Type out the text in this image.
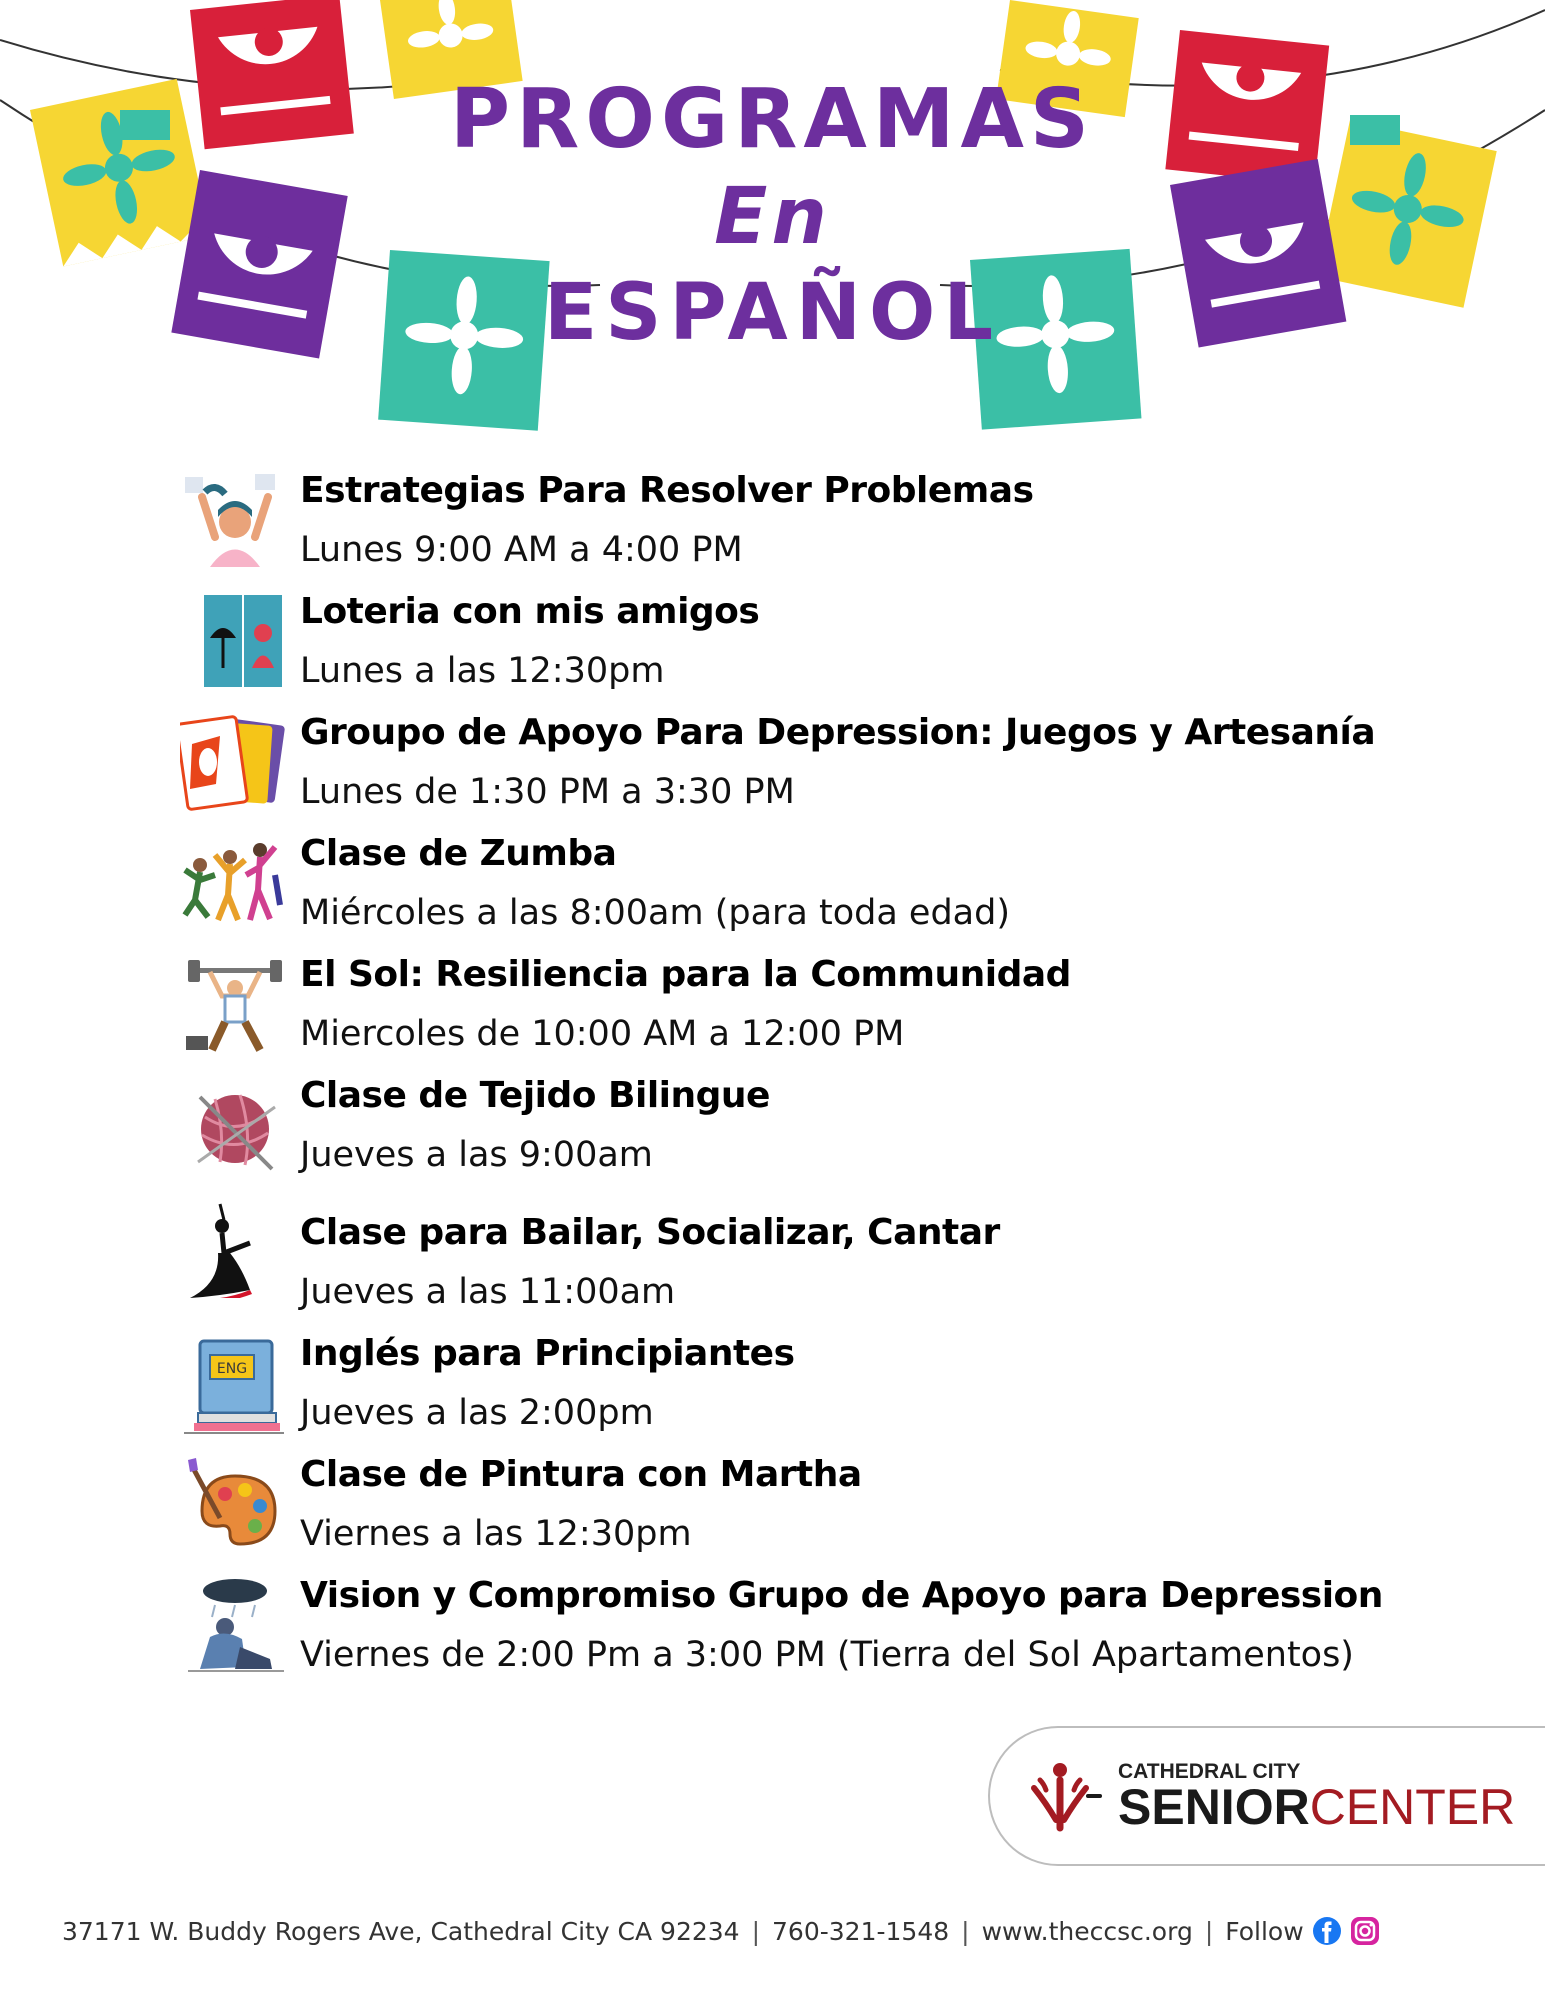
PROGRAMAS
En
ESPAÑOL
Estrategias Para Resolver Problemas
Lunes 9:00 AM a 4:00 PM
Loteria con mis amigos
Lunes a las 12:30pm
Groupo de Apoyo Para Depression: Juegos y Artesanía
Lunes de 1:30 PM a 3:30 PM
Clase de Zumba
Miércoles a las 8:00am (para toda edad)
El Sol: Resiliencia para la Communidad
Miercoles de 10:00 AM a 12:00 PM
Clase de Tejido Bilingue
Jueves a las 9:00am
Clase para Bailar, Socializar, Cantar
Jueves a las 11:00am
ENG Inglés para Principiantes
Jueves a las 2:00pm
Clase de Pintura con Martha
Viernes a las 12:30pm
Vision y Compromiso Grupo de Apoyo para Depression
Viernes de 2:00 Pm a 3:00 PM (Tierra del Sol Apartamentos)
CATHEDRAL CITY
SENIORCENTER
37171 W. Buddy Rogers Ave, Cathedral City CA 92234 | 760-321-1548 | www.theccsc.org | Follow
